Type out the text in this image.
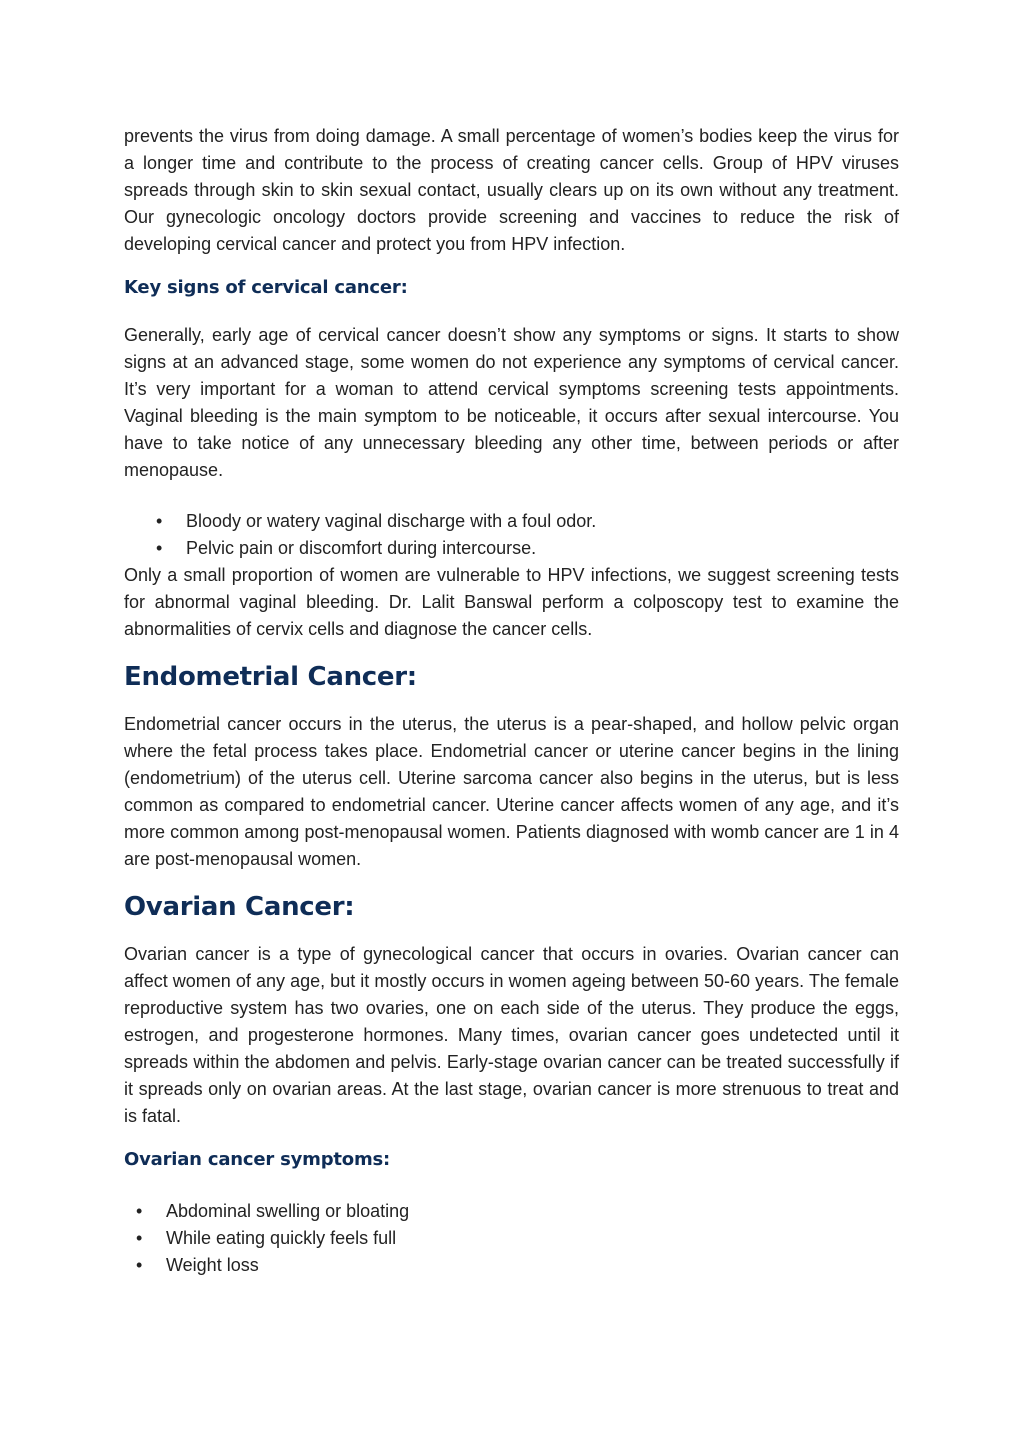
prevents the virus from doing damage. A small percentage of women’s bodies keep the virus for a longer time and contribute to the process of creating cancer cells. Group of HPV viruses spreads through skin to skin sexual contact, usually clears up on its own without any treatment. Our gynecologic oncology doctors provide screening and vaccines to reduce the risk of developing cervical cancer and protect you from HPV infection.

Key signs of cervical cancer:

Generally, early age of cervical cancer doesn’t show any symptoms or signs. It starts to show signs at an advanced stage, some women do not experience any symptoms of cervical cancer. It’s very important for a woman to attend cervical symptoms screening tests appointments. Vaginal bleeding is the main symptom to be noticeable, it occurs after sexual intercourse. You have to take notice of any unnecessary bleeding any other time, between periods or after menopause.

• Bloody or watery vaginal discharge with a foul odor.
• Pelvic pain or discomfort during intercourse.

Only a small proportion of women are vulnerable to HPV infections, we suggest screening tests for abnormal vaginal bleeding. Dr. Lalit Banswal perform a colposcopy test to examine the abnormalities of cervix cells and diagnose the cancer cells.

Endometrial Cancer:

Endometrial cancer occurs in the uterus, the uterus is a pear-shaped, and hollow pelvic organ where the fetal process takes place. Endometrial cancer or uterine cancer begins in the lining (endometrium) of the uterus cell. Uterine sarcoma cancer also begins in the uterus, but is less common as compared to endometrial cancer. Uterine cancer affects women of any age, and it’s more common among post-menopausal women. Patients diagnosed with womb cancer are 1 in 4 are post-menopausal women.

Ovarian Cancer:

Ovarian cancer is a type of gynecological cancer that occurs in ovaries. Ovarian cancer can affect women of any age, but it mostly occurs in women ageing between 50-60 years. The female reproductive system has two ovaries, one on each side of the uterus. They produce the eggs, estrogen, and progesterone hormones. Many times, ovarian cancer goes undetected until it spreads within the abdomen and pelvis. Early-stage ovarian cancer can be treated successfully if it spreads only on ovarian areas. At the last stage, ovarian cancer is more strenuous to treat and is fatal.

Ovarian cancer symptoms:
• Abdominal swelling or bloating
• While eating quickly feels full
• Weight loss
